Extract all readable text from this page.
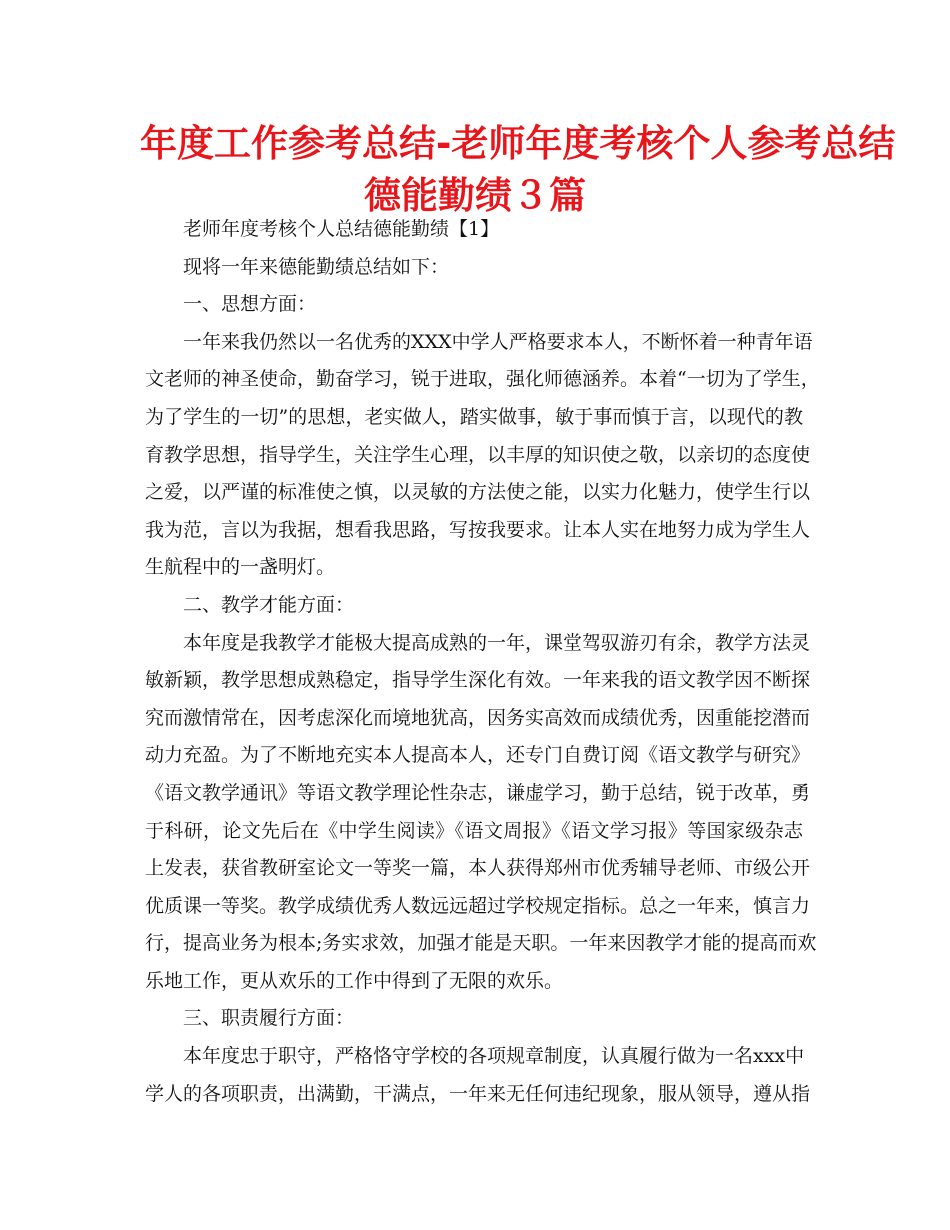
年度工作参考总结-老师年度考核个人参考总结
德能勤绩３篇
老师年度考核个人总结德能勤绩【1】
现将一年来德能勤绩总结如下：
一、思想方面：
一年来我仍然以一名优秀的XXX中学人严格要求本人，不断怀着一种青年语
文老师的神圣使命，勤奋学习，锐于进取，强化师德涵养。本着“一切为了学生，
为了学生的一切”的思想，老实做人，踏实做事，敏于事而慎于言，以现代的教
育教学思想，指导学生，关注学生心理，以丰厚的知识使之敬，以亲切的态度使
之爱，以严谨的标准使之慎，以灵敏的方法使之能，以实力化魅力，使学生行以
我为范，言以为我据，想看我思路，写按我要求。让本人实在地努力成为学生人
生航程中的一盏明灯。
二、教学才能方面：
本年度是我教学才能极大提高成熟的一年，课堂驾驭游刃有余，教学方法灵
敏新颖，教学思想成熟稳定，指导学生深化有效。一年来我的语文教学因不断探
究而激情常在，因考虑深化而境地犹高，因务实高效而成绩优秀，因重能挖潜而
动力充盈。为了不断地充实本人提高本人，还专门自费订阅《语文教学与研究》
《语文教学通讯》等语文教学理论性杂志，谦虚学习，勤于总结，锐于改革，勇
于科研，论文先后在《中学生阅读》《语文周报》《语文学习报》等国家级杂志
上发表，获省教研室论文一等奖一篇，本人获得郑州市优秀辅导老师、市级公开
优质课一等奖。教学成绩优秀人数远远超过学校规定指标。总之一年来，慎言力
行，提高业务为根本;务实求效，加强才能是天职。一年来因教学才能的提高而欢
乐地工作，更从欢乐的工作中得到了无限的欢乐。
三、职责履行方面：
本年度忠于职守，严格恪守学校的各项规章制度，认真履行做为一名xxx中
学人的各项职责，出满勤，干满点，一年来无任何违纪现象，服从领导，遵从指
